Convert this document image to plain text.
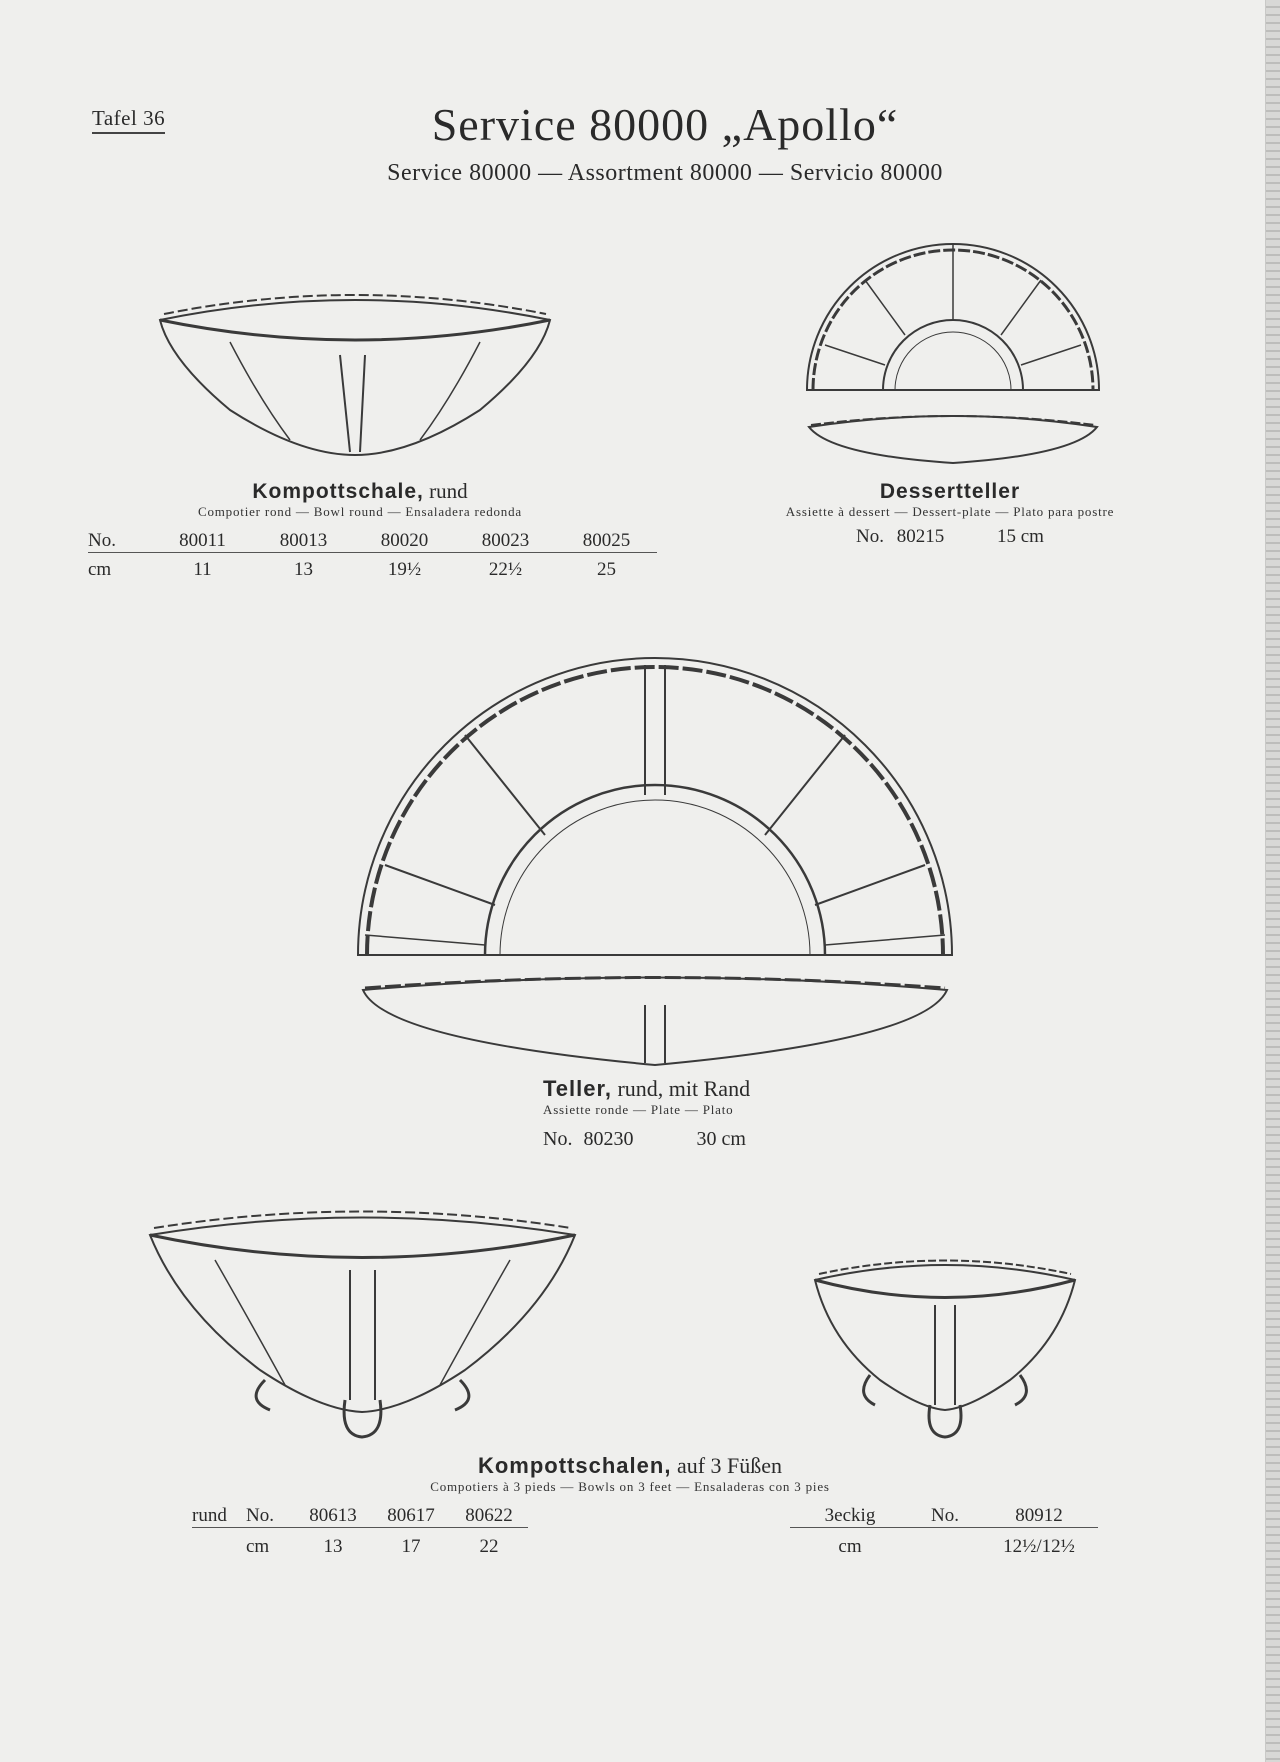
Tafel 36	Service 80000 „Apollo“
Service 80000 — Assortment 80000 — Servicio 80000
Kompottschale, rund
Compotier rond — Bowl round — Ensaladera redonda
No.	80011	80013	80020	80023	80025
cm	11	13	19½	22½	25
Dessertteller
Assiette à dessert — Dessert-plate — Plato para postre
No. 80215	15 cm
Teller, rund, mit Rand
Assiette ronde — Plate — Plato
No. 80230	30 cm
Kompottschalen, auf 3 Füßen
Compotiers à 3 pieds — Bowls on 3 feet — Ensaladeras con 3 pies
rund	No.	80613	80617	80622
	cm	13	17	22
3eckig	No.	80912
cm		12½/12½
